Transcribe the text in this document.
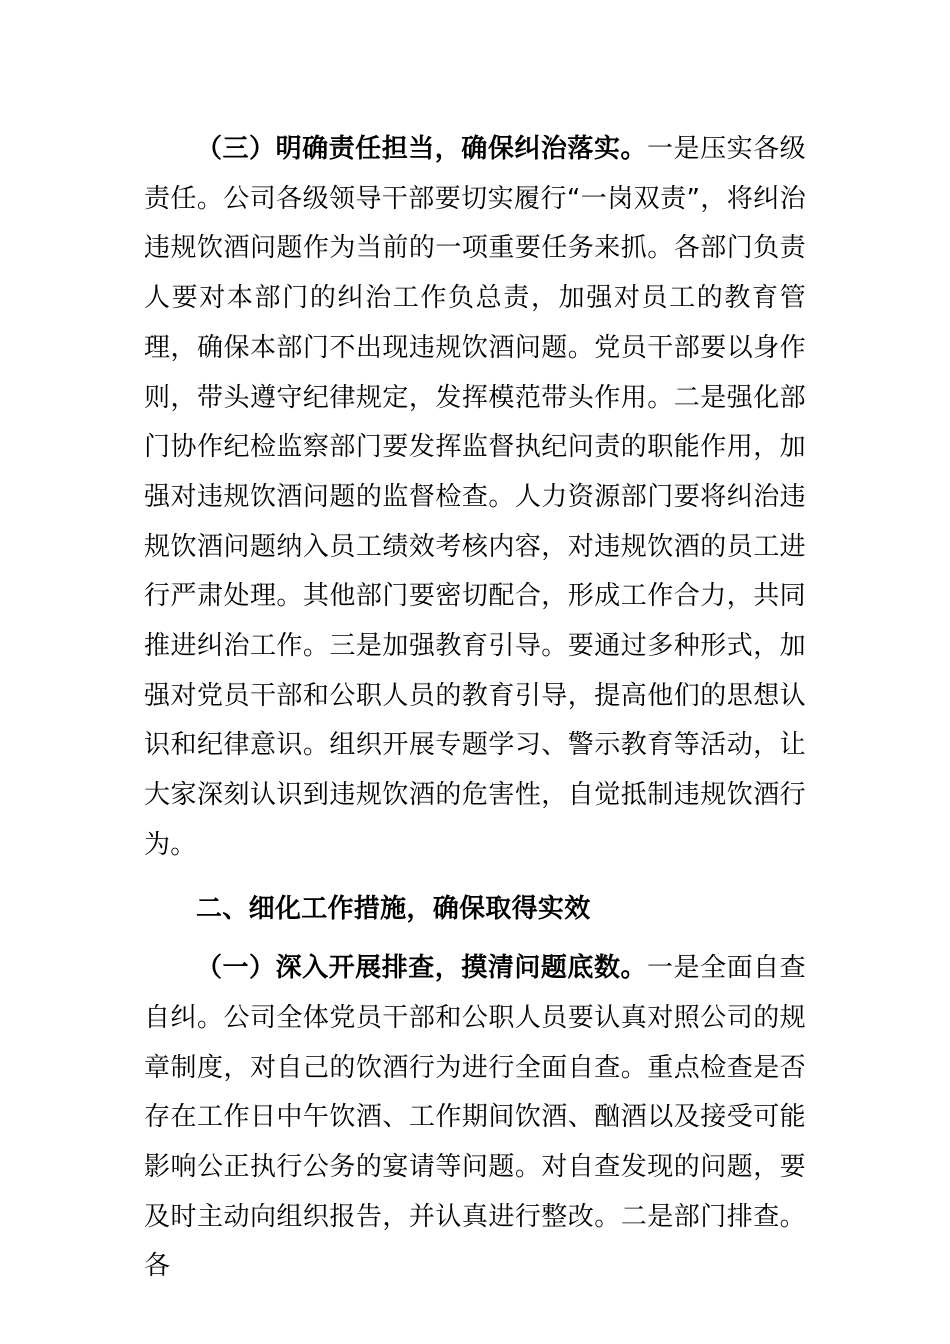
（三）明确责任担当，确保纠治落实。一是压实各级责任。公司各级领导干部要切实履行“一岗双责”，将纠治违规饮酒问题作为当前的一项重要任务来抓。各部门负责人要对本部门的纠治工作负总责，加强对员工的教育管理，确保本部门不出现违规饮酒问题。党员干部要以身作则，带头遵守纪律规定，发挥模范带头作用。二是强化部门协作纪检监察部门要发挥监督执纪问责的职能作用，加强对违规饮酒问题的监督检查。人力资源部门要将纠治违规饮酒问题纳入员工绩效考核内容，对违规饮酒的员工进行严肃处理。其他部门要密切配合，形成工作合力，共同推进纠治工作。三是加强教育引导。要通过多种形式，加强对党员干部和公职人员的教育引导，提高他们的思想认识和纪律意识。组织开展专题学习、警示教育等活动，让大家深刻认识到违规饮酒的危害性，自觉抵制违规饮酒行为。

二、细化工作措施，确保取得实效

（一）深入开展排查，摸清问题底数。一是全面自查自纠。公司全体党员干部和公职人员要认真对照公司的规章制度，对自己的饮酒行为进行全面自查。重点检查是否存在工作日中午饮酒、工作期间饮酒、酗酒以及接受可能影响公正执行公务的宴请等问题。对自查发现的问题，要及时主动向组织报告，并认真进行整改。二是部门排查。各
